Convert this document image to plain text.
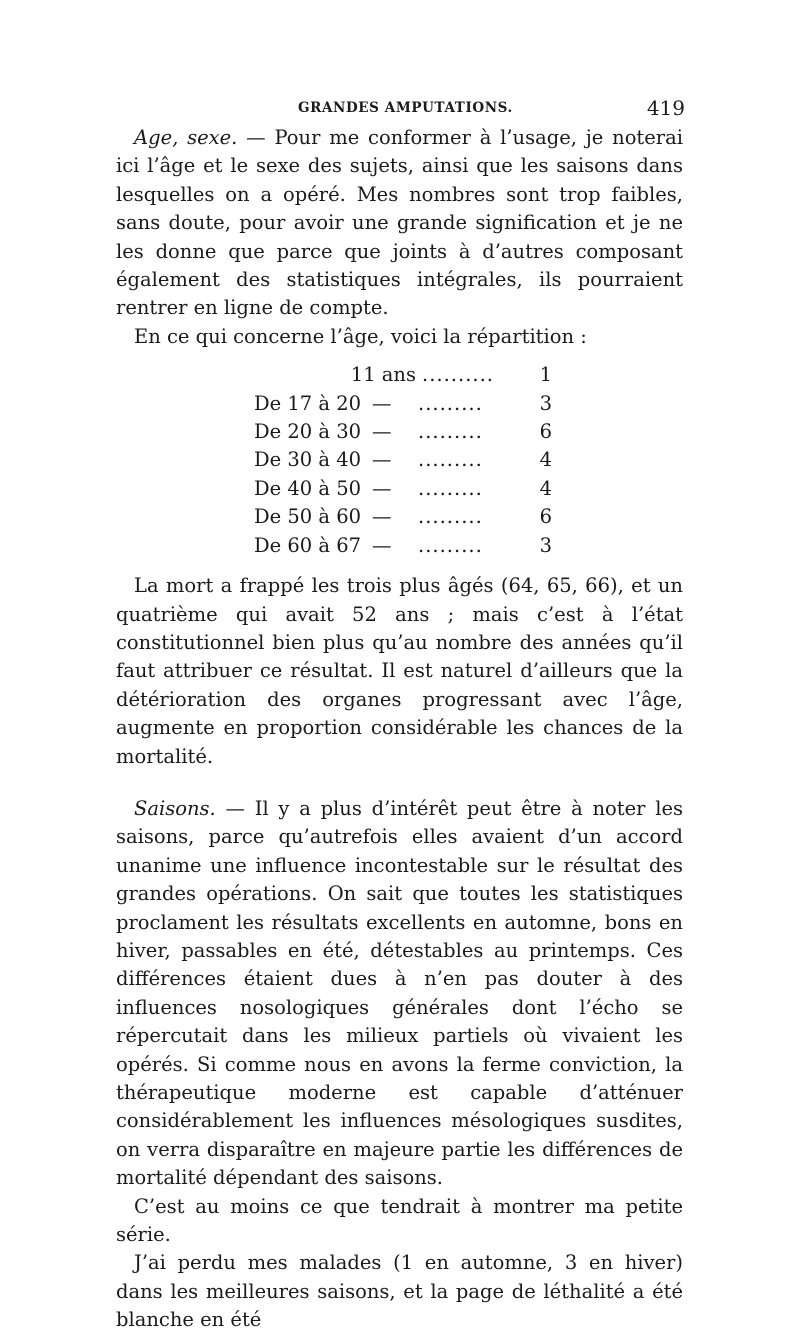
GRANDES AMPUTATIONS.	419

Age, sexe. — Pour me conformer à l’usage, je noterai ici l’âge et le sexe des sujets, ainsi que les saisons dans lesquelles on a opéré. Mes nombres sont trop faibles, sans doute, pour avoir une grande signification et je ne les donne que parce que joints à d’autres composant également des statistiques intégrales, ils pourraient rentrer en ligne de compte.

En ce qui concerne l’âge, voici la répartition :

11 ans		..........	1
De 17 à 20	—	.........	3
De 20 à 30	—	.........	6
De 30 à 40	—	.........	4
De 40 à 50	—	.........	4
De 50 à 60	—	.........	6
De 60 à 67	—	.........	3

La mort a frappé les trois plus âgés (64, 65, 66), et un quatrième qui avait 52 ans ; mais c’est à l’état constitutionnel bien plus qu’au nombre des années qu’il faut attribuer ce résultat. Il est naturel d’ailleurs que la détérioration des organes progressant avec l’âge, augmente en proportion considérable les chances de la mortalité.

Saisons. — Il y a plus d’intérêt peut être à noter les saisons, parce qu’autrefois elles avaient d’un accord unanime une influence incontestable sur le résultat des grandes opérations. On sait que toutes les statistiques proclament les résultats excellents en automne, bons en hiver, passables en été, détestables au printemps. Ces différences étaient dues à n’en pas douter à des influences nosologiques générales dont l’écho se répercutait dans les milieux partiels où vivaient les opérés. Si comme nous en avons la ferme conviction, la thérapeutique moderne est capable d’atténuer considérablement les influences mésologiques susdites, on verra disparaître en majeure partie les différences de mortalité dépendant des saisons.

C’est au moins ce que tendrait à montrer ma petite série.

J’ai perdu mes malades (1 en automne, 3 en hiver) dans les meilleures saisons, et la page de léthalité a été blanche en été
